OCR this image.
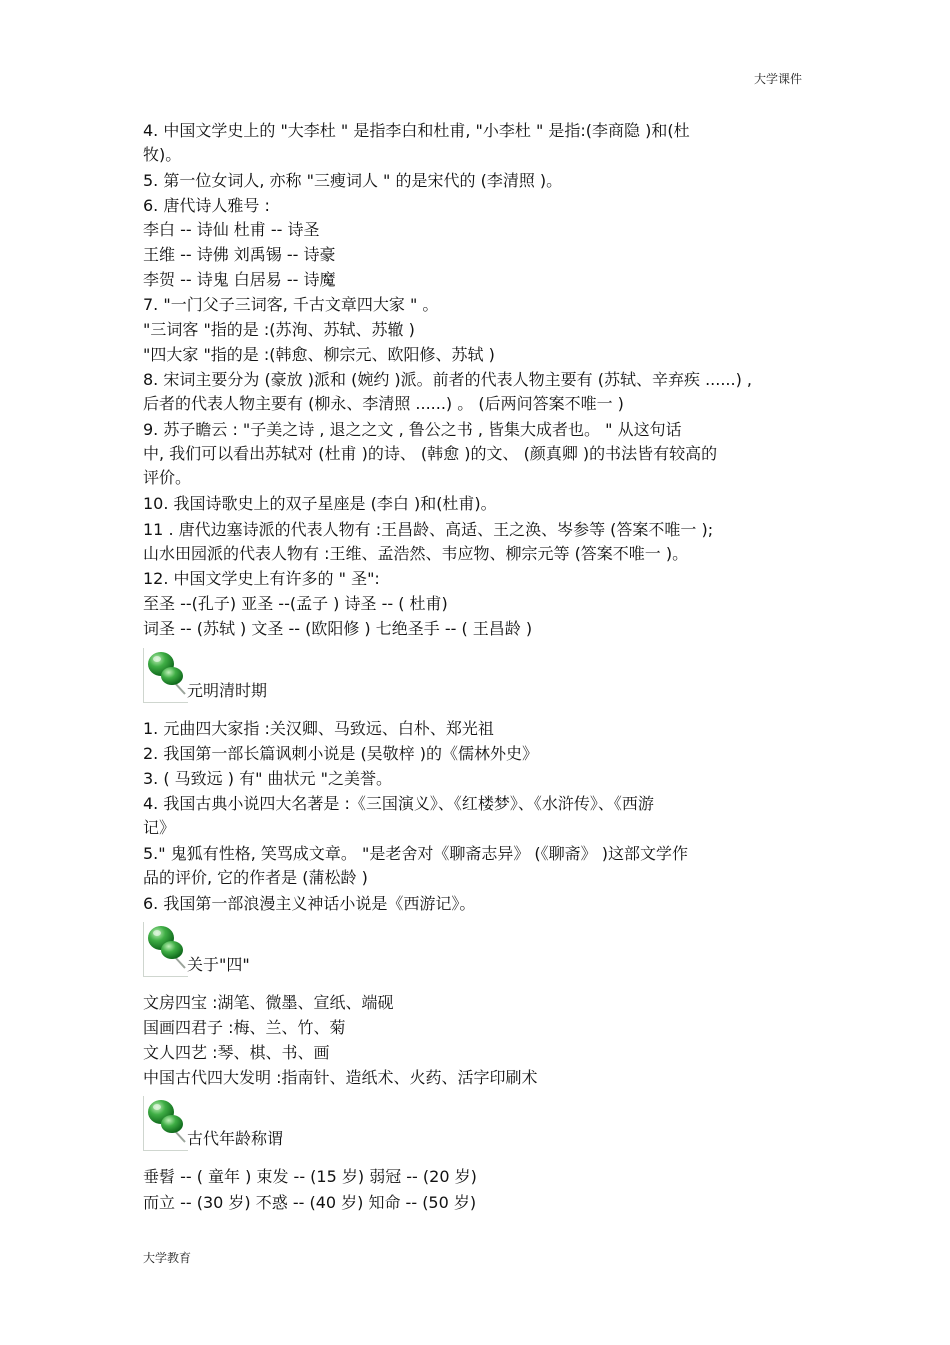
大学课件
4. 中国文学史上的 "大李杜 " 是指李白和杜甫, "小李杜 " 是指:(李商隐 )和(杜
牧)。
5. 第一位女词人, 亦称 "三瘦词人 " 的是宋代的 (李清照 )。
6. 唐代诗人雅号 :
李白 -- 诗仙 杜甫 -- 诗圣
王维 -- 诗佛 刘禹锡 -- 诗豪
李贺 -- 诗鬼 白居易 -- 诗魔
7. "一门父子三词客, 千古文章四大家 " 。
"三词客 "指的是 :(苏洵、苏轼、苏辙 )
"四大家 "指的是 :(韩愈、柳宗元、欧阳修、苏轼 )
8. 宋词主要分为 (豪放 )派和 (婉约 )派。前者的代表人物主要有 (苏轼、辛弃疾 ......) ,
后者的代表人物主要有 (柳永、李清照 ......) 。 (后两问答案不唯一 )
9. 苏子瞻云 : "子美之诗 , 退之之文 , 鲁公之书 , 皆集大成者也。 " 从这句话
中, 我们可以看出苏轼对 (杜甫 )的诗、 (韩愈 )的文、 (颜真卿 )的书法皆有较高的
评价。
10. 我国诗歌史上的双子星座是 (李白 )和(杜甫)。
11 . 唐代边塞诗派的代表人物有 :王昌龄、高适、王之涣、岑参等 (答案不唯一 );
山水田园派的代表人物有 :王维、孟浩然、韦应物、柳宗元等 (答案不唯一 )。
12. 中国文学史上有许多的 " 圣":
至圣 --(孔子) 亚圣 --(孟子 ) 诗圣 -- ( 杜甫)
词圣 -- (苏轼 ) 文圣 -- (欧阳修 ) 七绝圣手 -- ( 王昌龄 )
元明清时期
1. 元曲四大家指 :关汉卿、马致远、白朴、郑光祖
2. 我国第一部长篇讽刺小说是 (吴敬梓 )的《儒林外史》
3. ( 马致远 ) 有" 曲状元 "之美誉。
4. 我国古典小说四大名著是 :《三国演义》、《红楼梦》、《水浒传》、《西游
记》
5." 鬼狐有性格, 笑骂成文章。 "是老舍对《聊斋志异》 (《聊斋》 )这部文学作
品的评价, 它的作者是 (蒲松龄 )
6. 我国第一部浪漫主义神话小说是《西游记》。
关于"四"
文房四宝 :湖笔、微墨、宣纸、端砚
国画四君子 :梅、兰、竹、菊
文人四艺 :琴、棋、书、画
中国古代四大发明 :指南针、造纸术、火药、活字印刷术
古代年龄称谓
垂髫 -- ( 童年 ) 束发 -- (15 岁) 弱冠 -- (20 岁)
而立 -- (30 岁) 不惑 -- (40 岁) 知命 -- (50 岁)
大学教育
